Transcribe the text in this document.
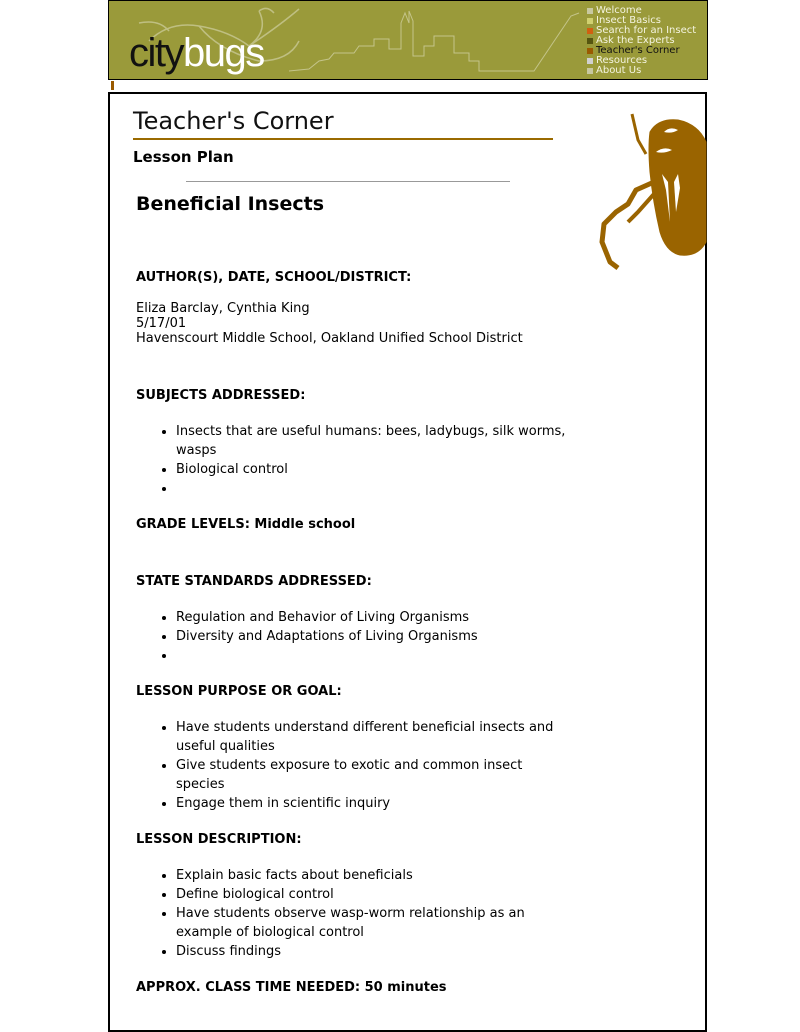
citybugs
Welcome
Insect Basics
Search for an Insect
Ask the Experts
Teacher's Corner
Resources
About Us
Teacher's Corner
Lesson Plan
Beneficial Insects

AUTHOR(S), DATE, SCHOOL/DISTRICT:

Eliza Barclay, Cynthia King

5/17/01

Havenscourt Middle School, Oakland Unified School District

SUBJECTS ADDRESSED:

• Insects that are useful humans: bees, ladybugs, silk worms, wasps
• Biological control
•

GRADE LEVELS: Middle school

STATE STANDARDS ADDRESSED:

• Regulation and Behavior of Living Organisms
• Diversity and Adaptations of Living Organisms
•

LESSON PURPOSE OR GOAL:

• Have students understand different beneficial insects and useful qualities
• Give students exposure to exotic and common insect species
• Engage them in scientific inquiry

LESSON DESCRIPTION:

• Explain basic facts about beneficials
• Define biological control
• Have students observe wasp-worm relationship as an example of biological control
• Discuss findings

APPROX. CLASS TIME NEEDED: 50 minutes
